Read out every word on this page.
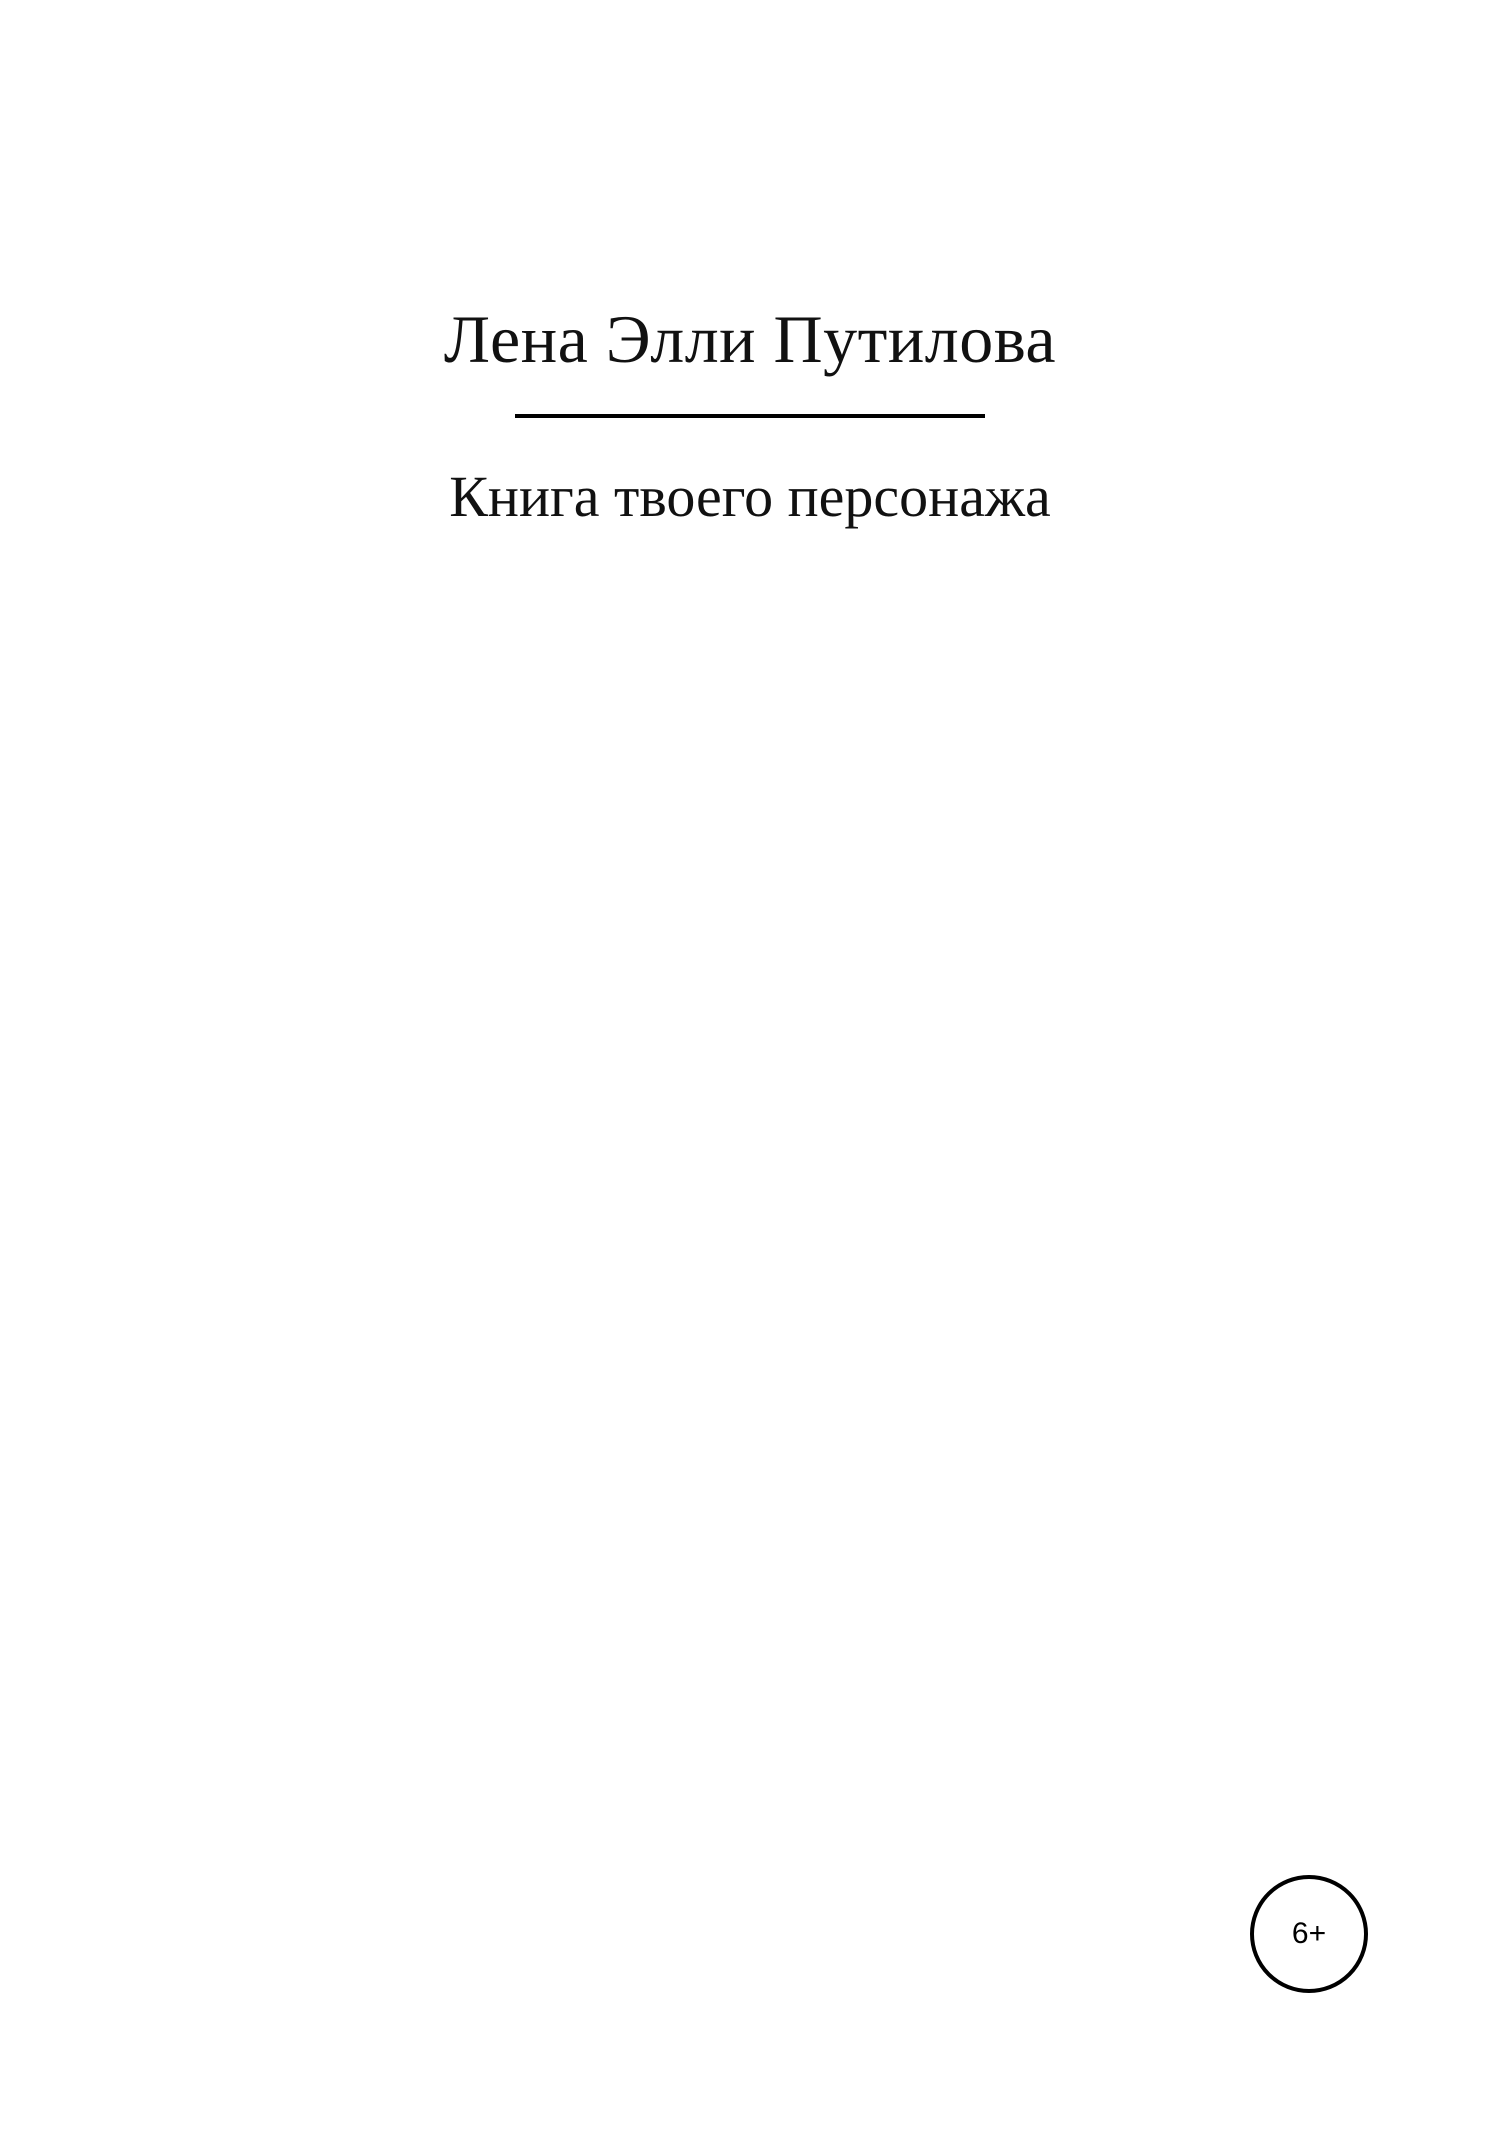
Лена Элли Путилова
Книга твоего персонажа
6+
